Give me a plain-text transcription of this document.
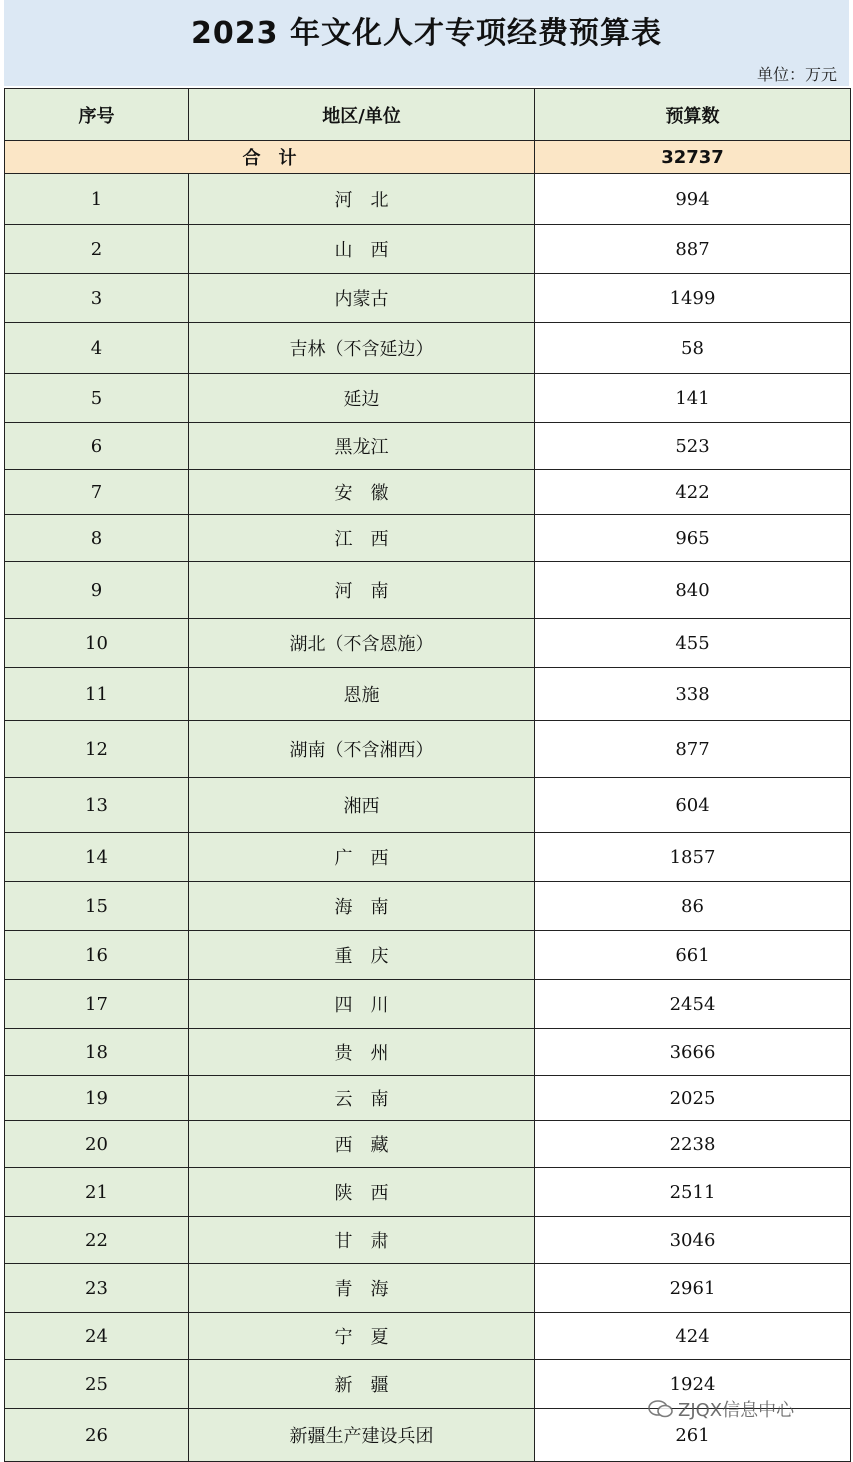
2023 年文化人才专项经费预算表
单位：万元
序号	地区/单位	预算数
合　计		32737
1	河　北	994
2	山　西	887
3	内蒙古	1499
4	吉林（不含延边）	58
5	延边	141
6	黑龙江	523
7	安　徽	422
8	江　西	965
9	河　南	840
10	湖北（不含恩施）	455
11	恩施	338
12	湖南（不含湘西）	877
13	湘西	604
14	广　西	1857
15	海　南	86
16	重　庆	661
17	四　川	2454
18	贵　州	3666
19	云　南	2025
20	西　藏	2238
21	陕　西	2511
22	甘　肃	3046
23	青　海	2961
24	宁　夏	424
25	新　疆	1924
26	新疆生产建设兵团	261
ZJQX信息中心
